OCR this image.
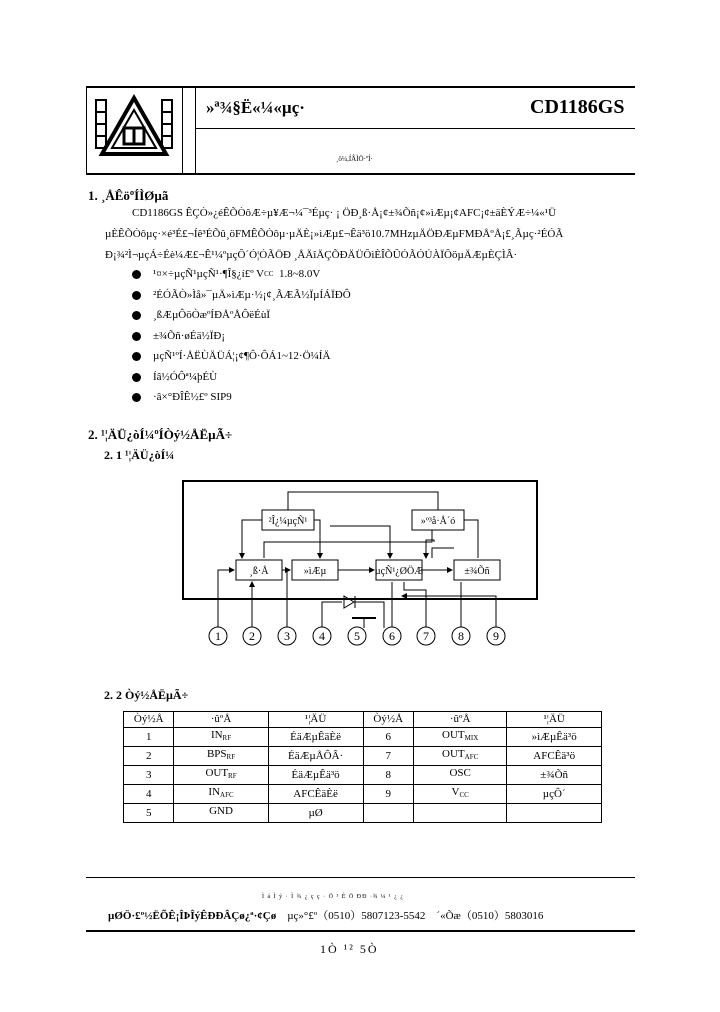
»ª¾§Ë«¼«µç·	CD1186GS
¸ö¼,ÍÂÌÖ·ºÍ·
1. ¸ÅÊöºÍÌØµã
CD1186GS ÊÇÒ»¿éÊÕÒôÆ÷µ¥Æ¬¼¯³Éµç· ¡ ÖÐ¸ß·Å¡¢±¾Õñ¡¢»ìÆµ¡¢AFC¡¢±äÈÝÆ÷¼«¹Ü
µÈÊÕÒôµç·×é³É£¬Íê³ÉÕû¸öFMÊÕÒôµ·µÄÈ¡»ìÆµ£¬Êä³ö10.7MHzµÄÖÐÆµFMÐÅºÅ¡£¸Ãµç·²ÉÓÃ
Ð¡¾²Ì¬µçÁ÷Éè¼Æ£¬Ê¹¼ºµçÔ´Ó¦ÓÃÖÐ ¸ÅÄîÄÇÕÐÄÜÔìÈÎÕÛÓÃÓÚÀÏÔöµÄÆµÈÇÌÂ·
¹¤×÷µçÑ¹µçÑ¹·¶Î§¿í£º V CC
1.8~8.0V
²ÉÓÃÒ»Ìå»¯µÄ»ìÆµ·½¡¢¸ÃÆÃ½ÏµÍÁÏÐÔ
¸ßÆµÔöÒæºÍÐÅºÅÔëÉùÏ
±¾Õñ·øÉä½ÏÐ¡
µçÑ¹ºÍ·ÅËÙÄÜÁ¦¡¢¶Ô·ÔÁ1~12·Ö¼ÍÄ
Íâ½ÓÔª¼þÉÙ
·â×°ÐÎÊ½£º SIP9
2. ¹¦ÄÜ¿òÍ¼ºÍÒý½ÅËµÃ÷
2. 1 ¹¦ÄÜ¿òÍ¼
²Î¿¼µçÑ¹	»º³å·Å´ó
¸ß·Å	»ìÆµ	µçÑ¹¿ØÖÆ	±¾Õñ
1 2 3 4 5 6 7 8 9
2. 2 Òý½ÅËµÃ÷
Òý½Å	·ûºÅ	¹¦ÄÜ	Òý½Å	·ûºÅ	¹¦ÄÜ
1	$IN_{RF}$	ÉäÆµÊäÈë	6	$OUT_{MIX}$	»ìÆµÊä³ö
2	$BPS_{RF}$	ÉäÆµÅÔÂ·	7	$OUT_{AFC}$	AFCÊä³ö
3	$OUT_{RF}$	ÉäÆµÊä³ö	8	OSC	±¾Õñ
4	$IN_{AFC}$	AFCÊäÈë	9	$V_{CC}$	µçÔ´
5	GND	µØ			
Ì á Ì ý · Ì ¾ ¿ ç ç · Ö ³ É Ö ÐÐ ·¾ ¼ ¹ ¿ ¿
µØÖ·£º½ËÕÊ¡ÎÞÎýÊÐÐÂÇø¿ª·¢Çø µç»°£º（0510）5807123-5542 ´«Õæ（0510）5803016
1Ò ¹² 5Ò
